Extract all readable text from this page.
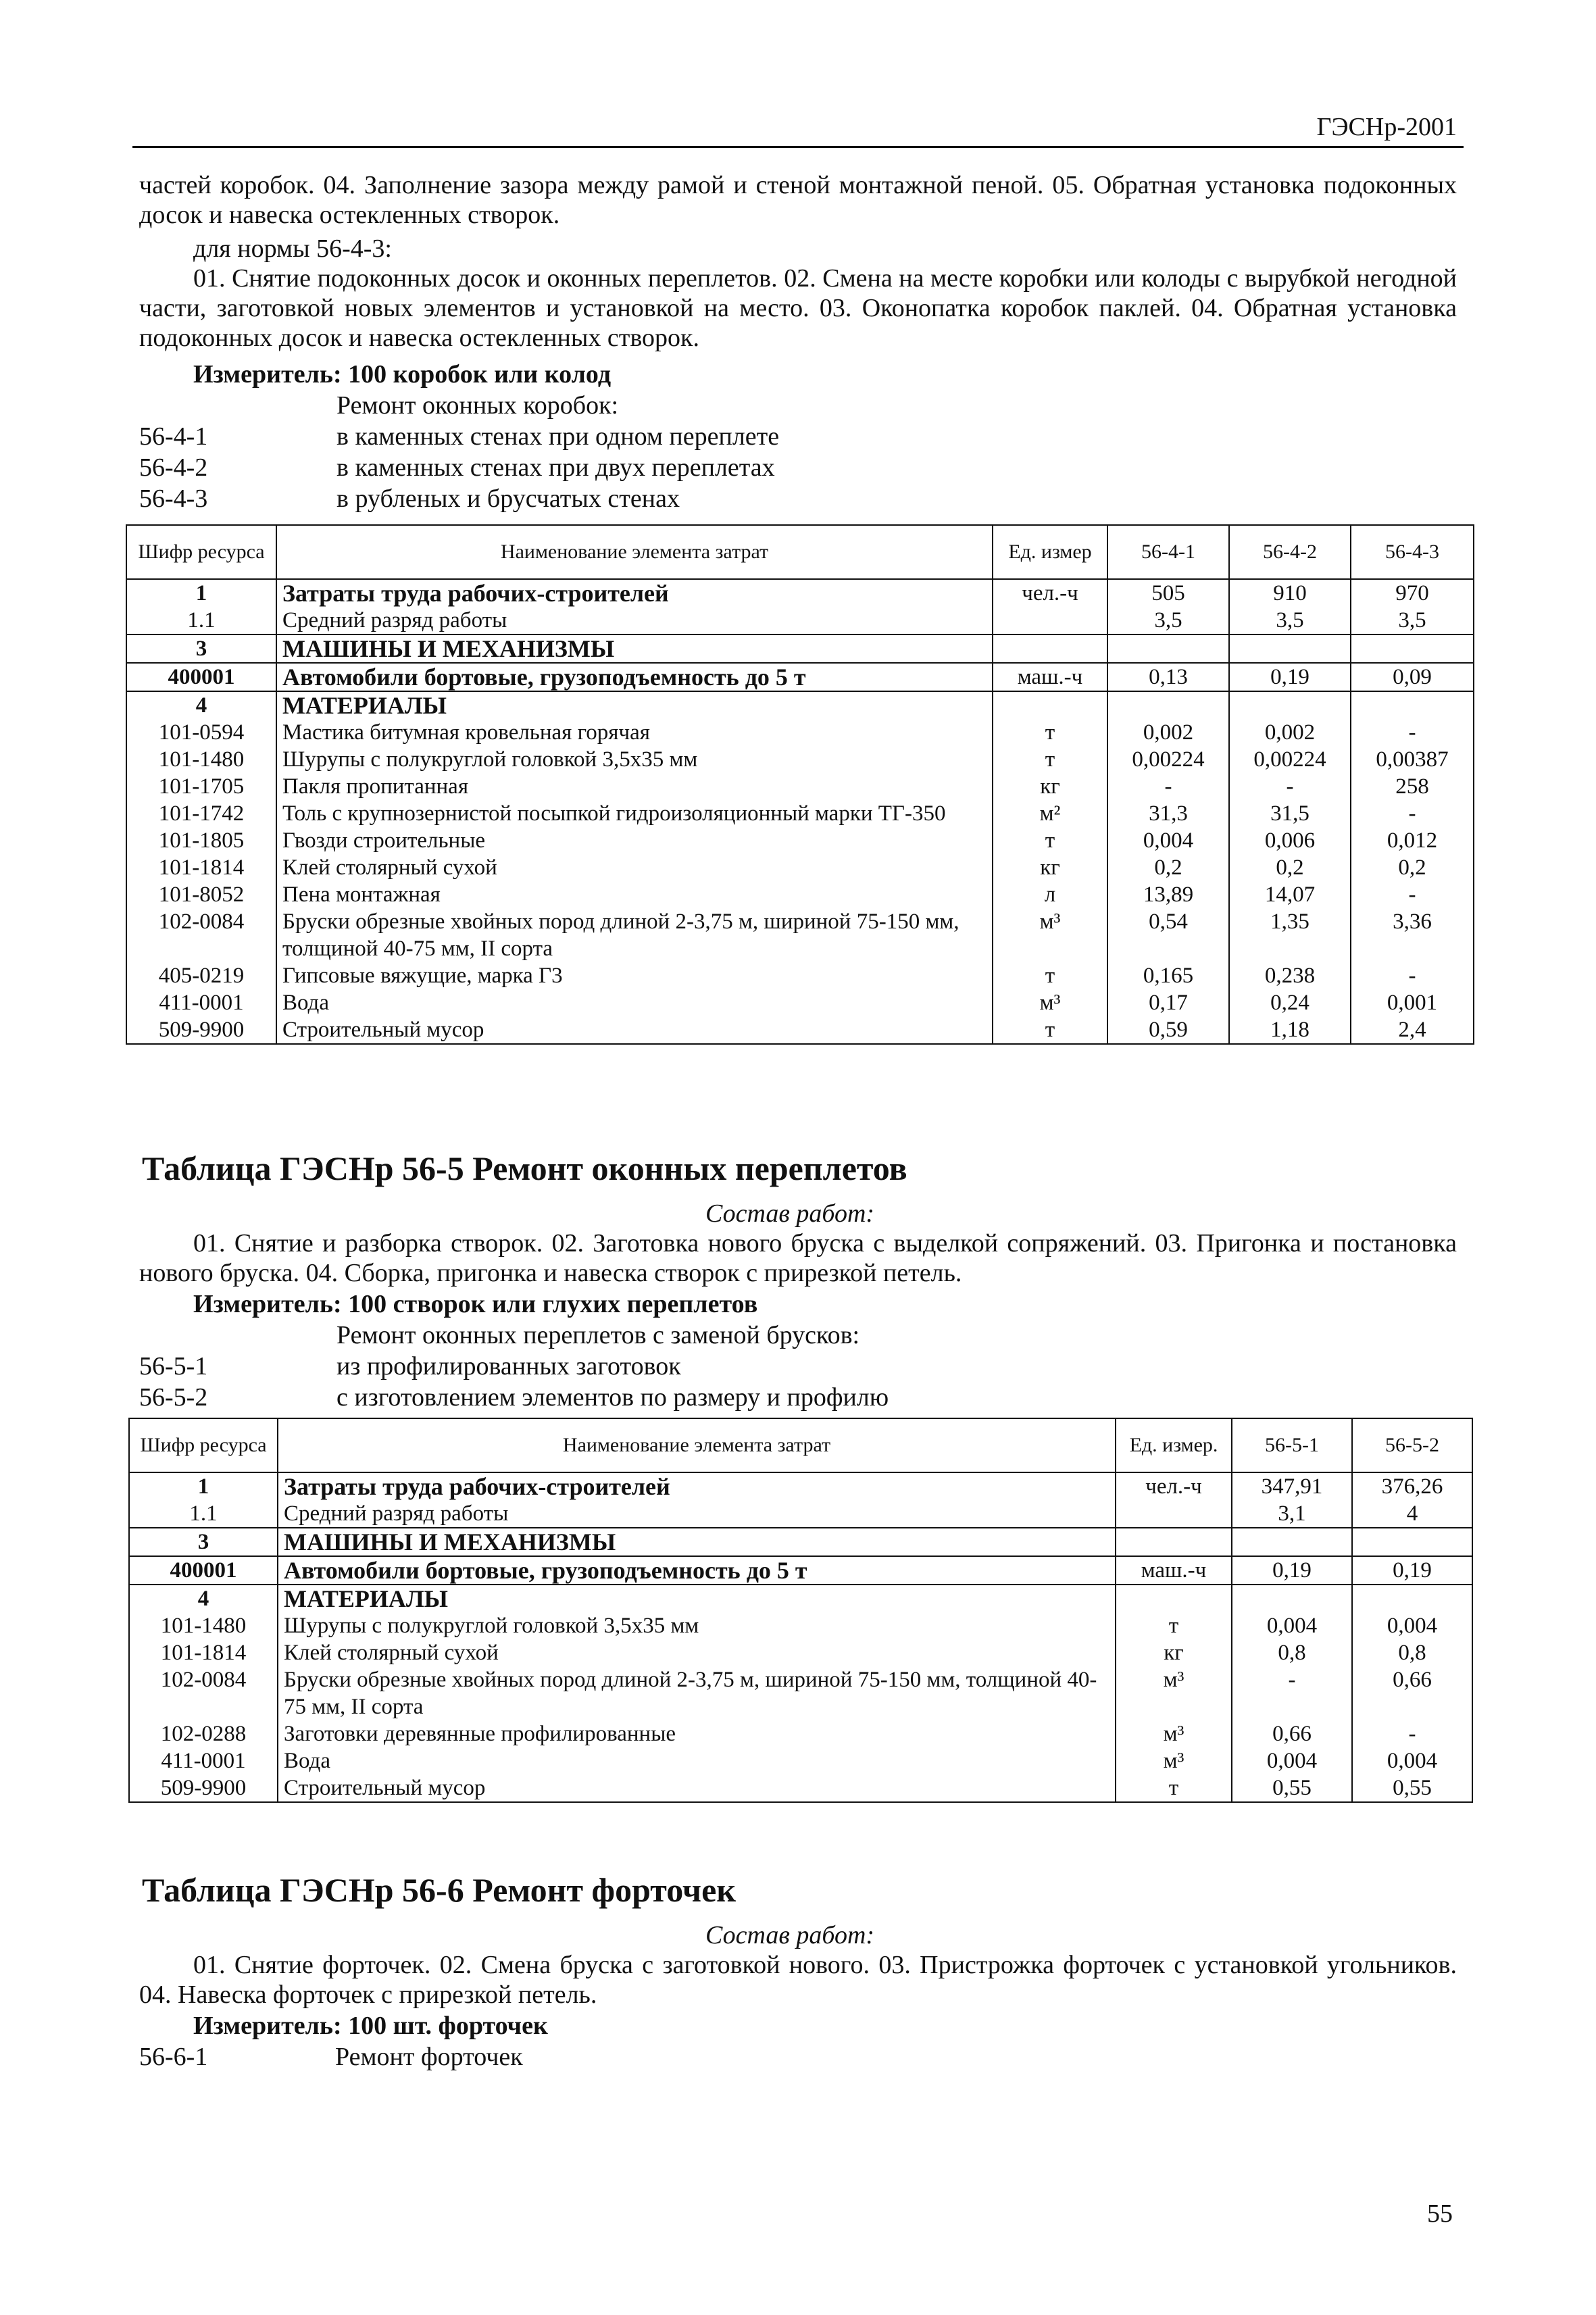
ГЭСНр-2001
частей коробок. 04. Заполнение зазора между рамой и стеной монтажной пеной. 05. Обратная установка подоконных досок и навеска остекленных створок.
для нормы 56-4-3:
01. Снятие подоконных досок и оконных переплетов. 02. Смена на месте коробки или колоды с вырубкой негодной части, заготовкой новых элементов и установкой на место. 03. Оконопатка коробок паклей. 04. Обратная установка подоконных досок и навеска остекленных створок.
Измеритель: 100 коробок или колод
Ремонт оконных коробок:
56-4-1	в каменных стенах при одном переплете
56-4-2	в каменных стенах при двух переплетах
56-4-3	в рубленых и брусчатых стенах
Шифр ресурса	Наименование элемента затрат	Ед. измер	56-4-1	56-4-2	56-4-3
1	Затраты труда рабочих-строителей	чел.-ч	505	910	970
1.1	Средний разряд работы		3,5	3,5	3,5
3	МАШИНЫ И МЕХАНИЗМЫ				
400001	Автомобили бортовые, грузоподъемность до 5 т	маш.-ч	0,13	0,19	0,09
4	МАТЕРИАЛЫ				
101-0594	Мастика битумная кровельная горячая	т	0,002	0,002	-
101-1480	Шурупы с полукруглой головкой 3,5х35 мм	т	0,00224	0,00224	0,00387
101-1705	Пакля пропитанная	кг	-	-	258
101-1742	Толь с крупнозернистой посыпкой гидроизоляционный марки ТГ-350	м²	31,3	31,5	-
101-1805	Гвозди строительные	т	0,004	0,006	0,012
101-1814	Клей столярный сухой	кг	0,2	0,2	0,2
101-8052	Пена монтажная	л	13,89	14,07	-
102-0084	Бруски обрезные хвойных пород длиной 2-3,75 м, шириной 75-150 мм, толщиной 40-75 мм, II сорта	м³	0,54	1,35	3,36
405-0219	Гипсовые вяжущие, марка Г3	т	0,165	0,238	-
411-0001	Вода	м³	0,17	0,24	0,001
509-9900	Строительный мусор	т	0,59	1,18	2,4
Таблица ГЭСНр 56-5 Ремонт оконных переплетов
Состав работ:
01. Снятие и разборка створок. 02. Заготовка нового бруска с выделкой сопряжений. 03. Пригонка и постановка нового бруска. 04. Сборка, пригонка и навеска створок с прирезкой петель.
Измеритель: 100 створок или глухих переплетов
Ремонт оконных переплетов с заменой брусков:
56-5-1	из профилированных заготовок
56-5-2	с изготовлением элементов по размеру и профилю
Шифр ресурса	Наименование элемента затрат	Ед. измер.	56-5-1	56-5-2
1	Затраты труда рабочих-строителей	чел.-ч	347,91	376,26
1.1	Средний разряд работы		3,1	4
3	МАШИНЫ И МЕХАНИЗМЫ			
400001	Автомобили бортовые, грузоподъемность до 5 т	маш.-ч	0,19	0,19
4	МАТЕРИАЛЫ			
101-1480	Шурупы с полукруглой головкой 3,5х35 мм	т	0,004	0,004
101-1814	Клей столярный сухой	кг	0,8	0,8
102-0084	Бруски обрезные хвойных пород длиной 2-3,75 м, шириной 75-150 мм, толщиной 40-75 мм, II сорта	м³	-	0,66
102-0288	Заготовки деревянные профилированные	м³	0,66	-
411-0001	Вода	м³	0,004	0,004
509-9900	Строительный мусор	т	0,55	0,55
Таблица ГЭСНр 56-6 Ремонт форточек
Состав работ:
01. Снятие форточек. 02. Смена бруска с заготовкой нового. 03. Пристрожка форточек с установкой угольников. 04. Навеска форточек с прирезкой петель.
Измеритель: 100 шт. форточек
56-6-1	Ремонт форточек
55
